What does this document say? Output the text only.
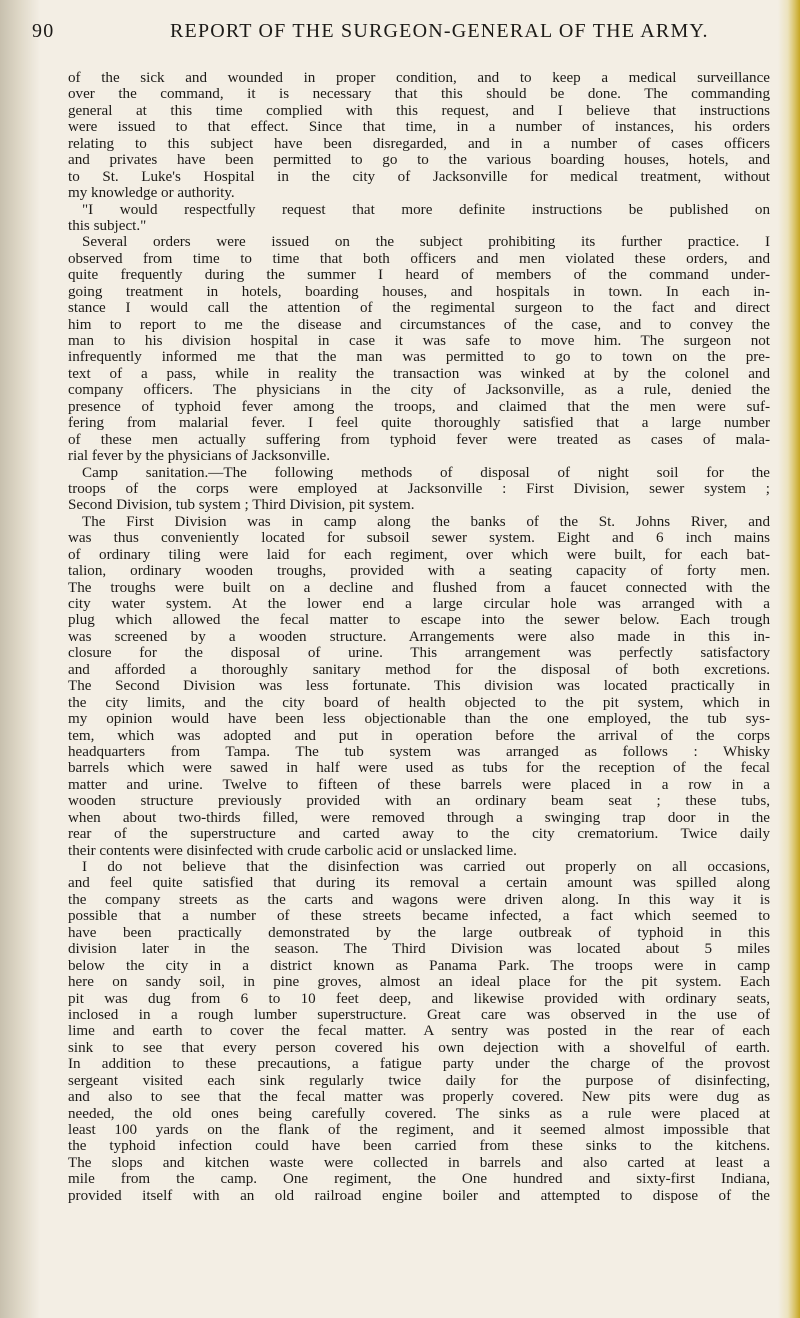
90	REPORT OF THE SURGEON-GENERAL OF THE ARMY.
of the sick and wounded in proper condition, and to keep a medical surveillance
over the command, it is necessary that this should be done. The commanding
general at this time complied with this request, and I believe that instructions
were issued to that effect. Since that time, in a number of instances, his orders
relating to this subject have been disregarded, and in a number of cases officers
and privates have been permitted to go to the various boarding houses, hotels, and
to St. Luke's Hospital in the city of Jacksonville for medical treatment, without
my knowledge or authority.
"I would respectfully request that more definite instructions be published on
this subject."
Several orders were issued on the subject prohibiting its further practice. I
observed from time to time that both officers and men violated these orders, and
quite frequently during the summer I heard of members of the command under-
going treatment in hotels, boarding houses, and hospitals in town. In each in-
stance I would call the attention of the regimental surgeon to the fact and direct
him to report to me the disease and circumstances of the case, and to convey the
man to his division hospital in case it was safe to move him. The surgeon not
infrequently informed me that the man was permitted to go to town on the pre-
text of a pass, while in reality the transaction was winked at by the colonel and
company officers. The physicians in the city of Jacksonville, as a rule, denied the
presence of typhoid fever among the troops, and claimed that the men were suf-
fering from malarial fever. I feel quite thoroughly satisfied that a large number
of these men actually suffering from typhoid fever were treated as cases of mala-
rial fever by the physicians of Jacksonville.
Camp sanitation.—The following methods of disposal of night soil for the
troops of the corps were employed at Jacksonville : First Division, sewer system ;
Second Division, tub system ; Third Division, pit system.
The First Division was in camp along the banks of the St. Johns River, and
was thus conveniently located for subsoil sewer system. Eight and 6 inch mains
of ordinary tiling were laid for each regiment, over which were built, for each bat-
talion, ordinary wooden troughs, provided with a seating capacity of forty men.
The troughs were built on a decline and flushed from a faucet connected with the
city water system. At the lower end a large circular hole was arranged with a
plug which allowed the fecal matter to escape into the sewer below. Each trough
was screened by a wooden structure. Arrangements were also made in this in-
closure for the disposal of urine. This arrangement was perfectly satisfactory
and afforded a thoroughly sanitary method for the disposal of both excretions.
The Second Division was less fortunate. This division was located practically in
the city limits, and the city board of health objected to the pit system, which in
my opinion would have been less objectionable than the one employed, the tub sys-
tem, which was adopted and put in operation before the arrival of the corps
headquarters from Tampa. The tub system was arranged as follows : Whisky
barrels which were sawed in half were used as tubs for the reception of the fecal
matter and urine. Twelve to fifteen of these barrels were placed in a row in a
wooden structure previously provided with an ordinary beam seat ; these tubs,
when about two-thirds filled, were removed through a swinging trap door in the
rear of the superstructure and carted away to the city crematorium. Twice daily
their contents were disinfected with crude carbolic acid or unslacked lime.
I do not believe that the disinfection was carried out properly on all occasions,
and feel quite satisfied that during its removal a certain amount was spilled along
the company streets as the carts and wagons were driven along. In this way it is
possible that a number of these streets became infected, a fact which seemed to
have been practically demonstrated by the large outbreak of typhoid in this
division later in the season. The Third Division was located about 5 miles
below the city in a district known as Panama Park. The troops were in camp
here on sandy soil, in pine groves, almost an ideal place for the pit system. Each
pit was dug from 6 to 10 feet deep, and likewise provided with ordinary seats,
inclosed in a rough lumber superstructure. Great care was observed in the use of
lime and earth to cover the fecal matter. A sentry was posted in the rear of each
sink to see that every person covered his own dejection with a shovelful of earth.
In addition to these precautions, a fatigue party under the charge of the provost
sergeant visited each sink regularly twice daily for the purpose of disinfecting,
and also to see that the fecal matter was properly covered. New pits were dug as
needed, the old ones being carefully covered. The sinks as a rule were placed at
least 100 yards on the flank of the regiment, and it seemed almost impossible that
the typhoid infection could have been carried from these sinks to the kitchens.
The slops and kitchen waste were collected in barrels and also carted at least a
mile from the camp. One regiment, the One hundred and sixty-first Indiana,
provided itself with an old railroad engine boiler and attempted to dispose of the
